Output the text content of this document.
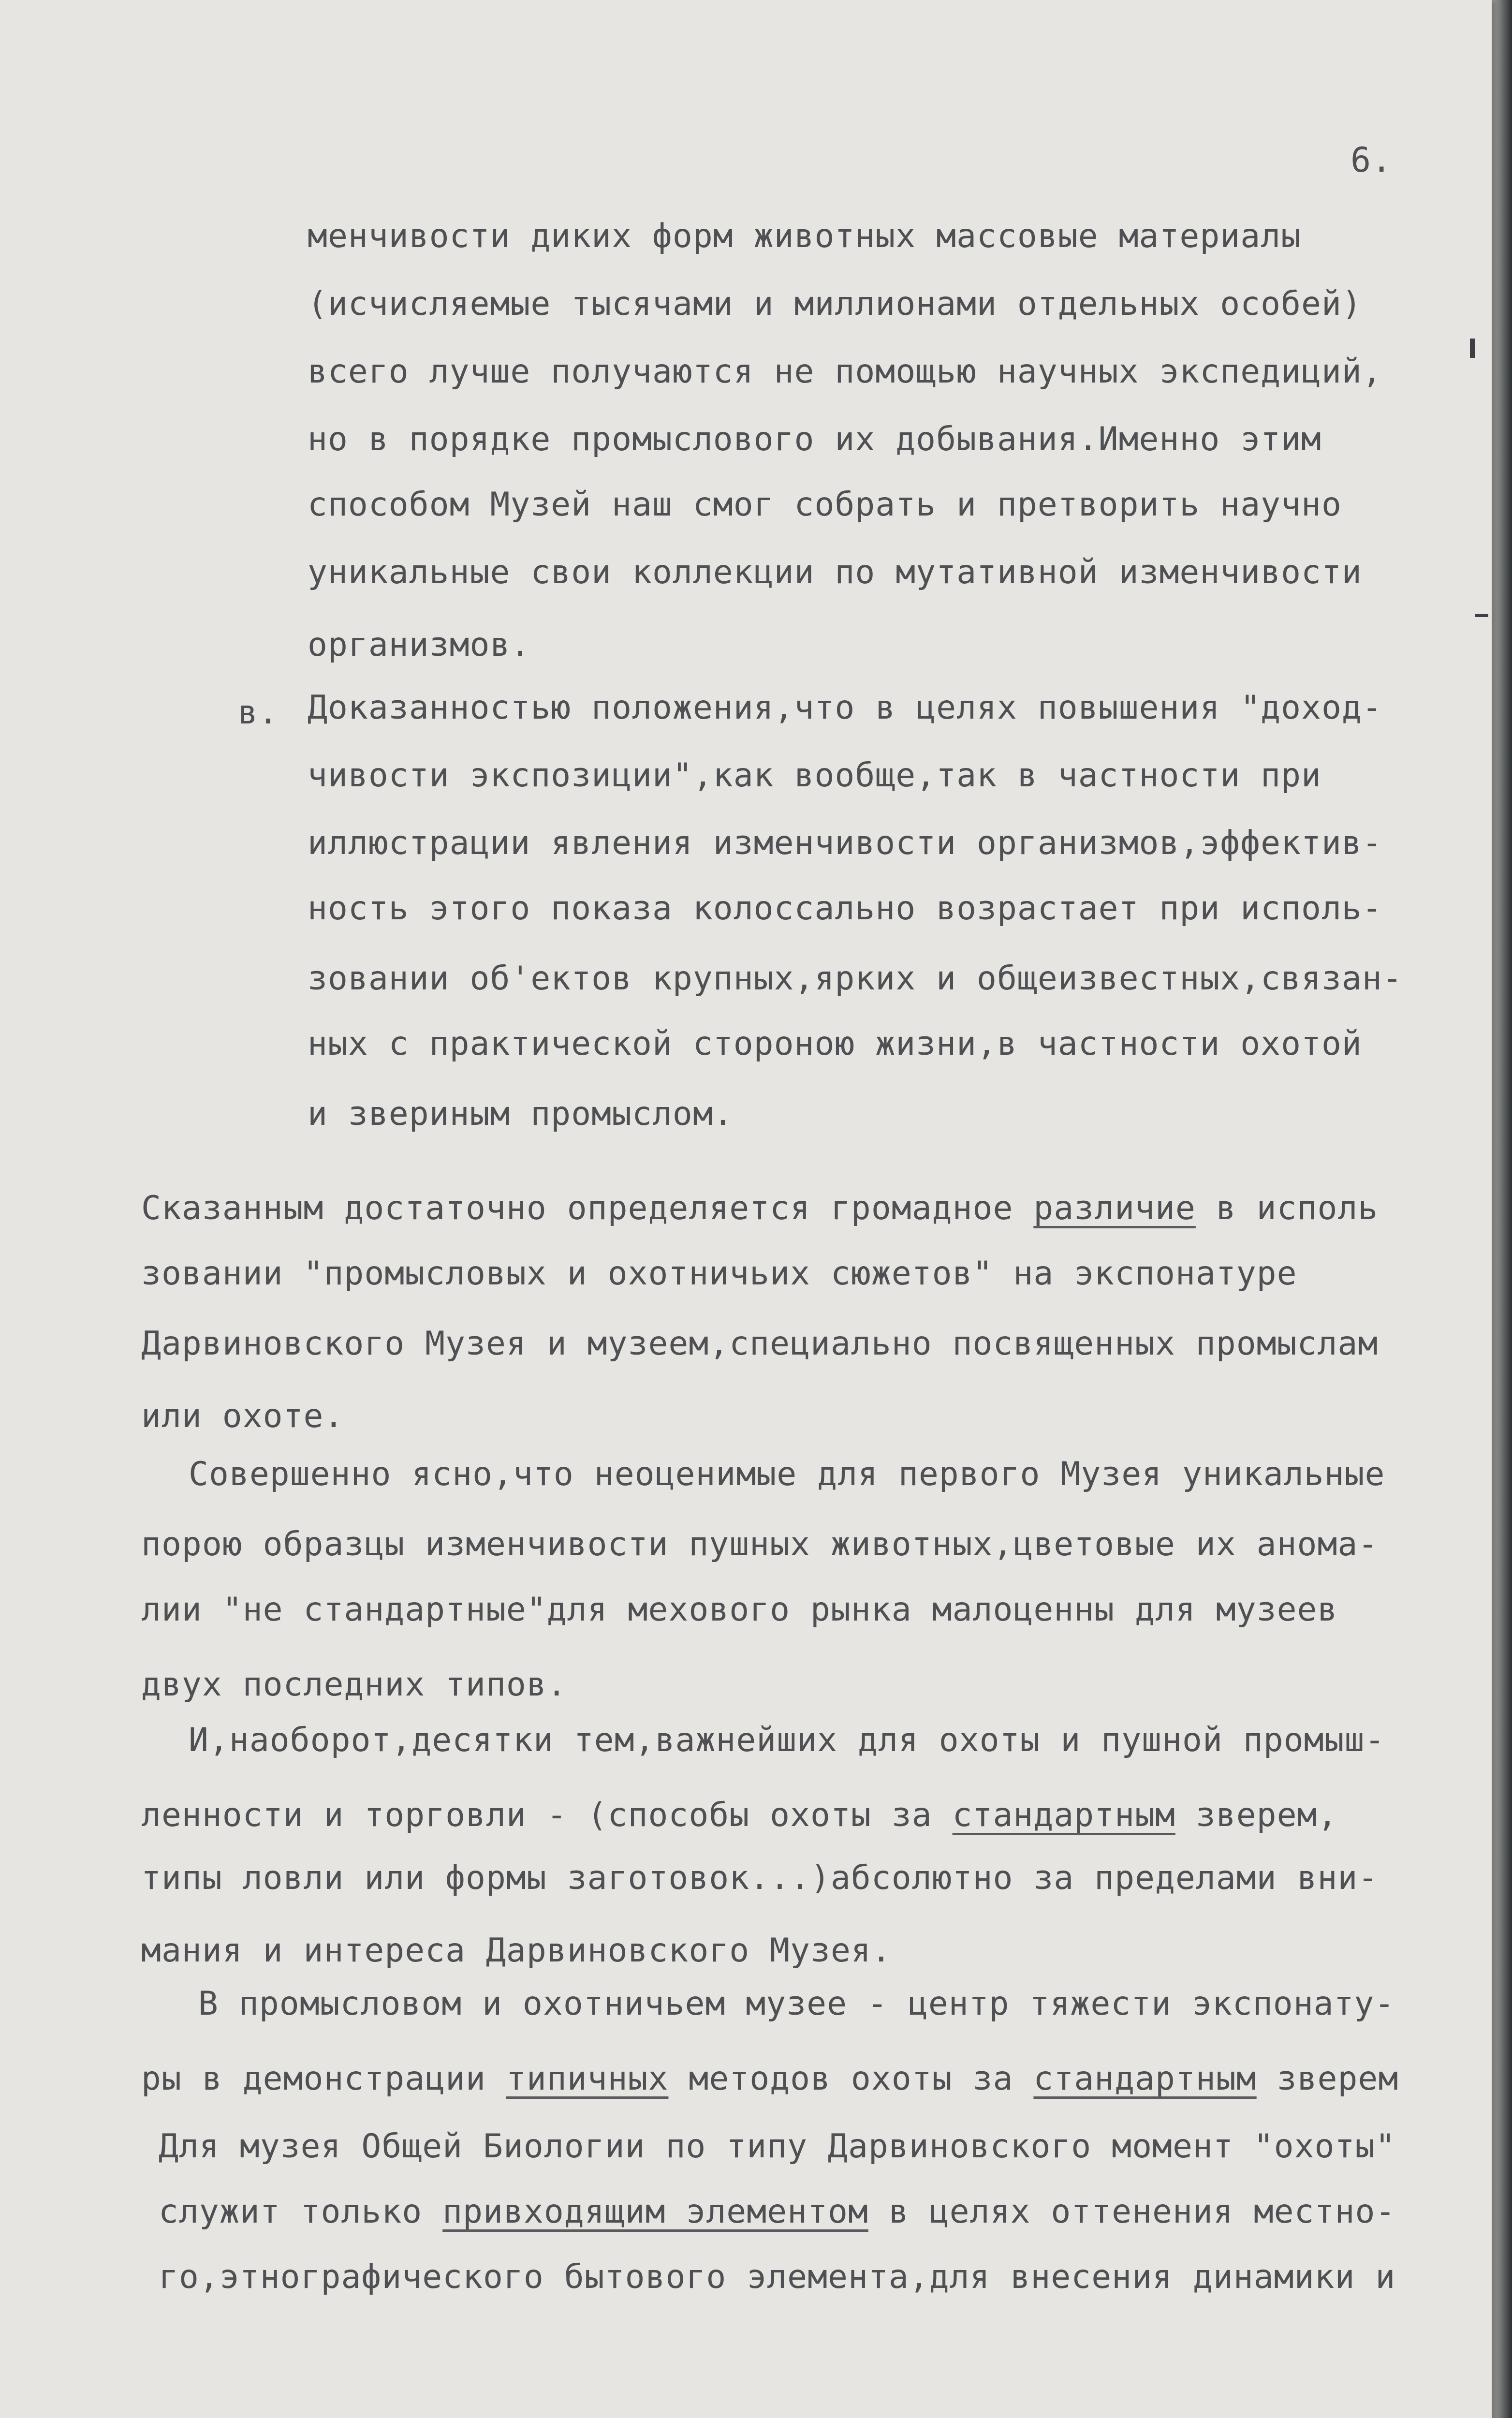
6.
менчивости диких форм животных массовые материалы
(исчисляемые тысячами и миллионами отдельных особей)
всего лучше получаются не помощью научных экспедиций,
но в порядке промыслового их добывания.Именно этим
способом Музей наш смог собрать и претворить научно
уникальные свои коллекции по мутативной изменчивости
организмов.
в. Доказанностью положения,что в целях повышения "доход-
чивости экспозиции",как вообще,так в частности при
иллюстрации явления изменчивости организмов,эффектив-
ность этого показа колоссально возрастает при исполь-
зовании об'ектов крупных,ярких и общеизвестных,связан-
ных с практической стороною жизни,в частности охотой
и звериным промыслом.
Сказанным достаточно определяется громадное различие в исполь
зовании "промысловых и охотничьих сюжетов" на экспонатуре
Дарвиновского Музея и музеем,специально посвященных промыслам
или охоте.
Совершенно ясно,что неоценимые для первого Музея уникальные
порою образцы изменчивости пушных животных,цветовые их анома-
лии "не стандартные"для мехового рынка малоценны для музеев
двух последних типов.
И,наоборот,десятки тем,важнейших для охоты и пушной промыш-
ленности и торговли - (способы охоты за стандартным зверем,
типы ловли или формы заготовок...)абсолютно за пределами вни-
мания и интереса Дарвиновского Музея.
В промысловом и охотничьем музее - центр тяжести экспонату-
ры в демонстрации типичных методов охоты за стандартным зверем
Для музея Общей Биологии по типу Дарвиновского момент "охоты"
служит только привходящим элементом в целях оттенения местно-
го,этнографического бытового элемента,для внесения динамики и
